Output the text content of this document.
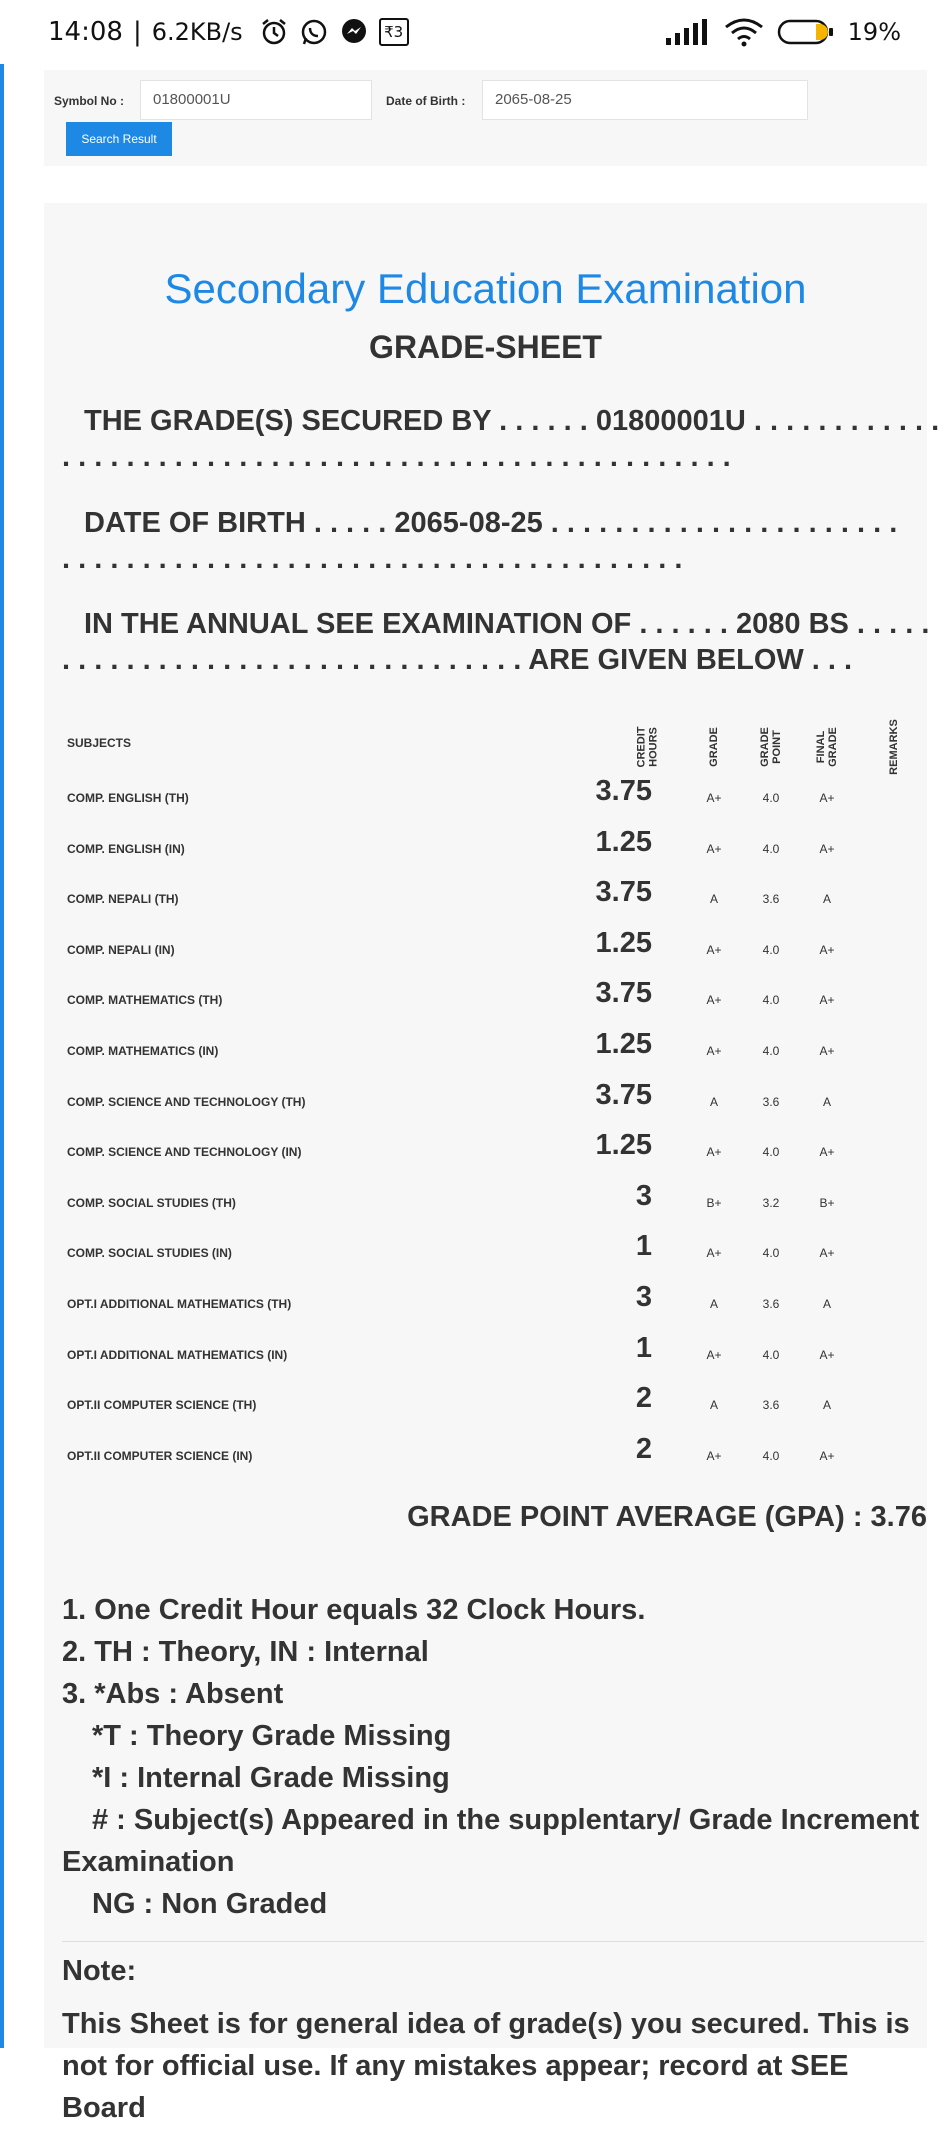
14:08 | 6.2KB/s	₹3	19%
Symbol No :	01800001U	Date of Birth :	2065-08-25
Search Result
Secondary Education Examination
GRADE-SHEET
THE GRADE(S) SECURED BY . . . . . . 01800001U . . . . . . . . . . . .
. . . . . . . . . . . . . . . . . . . . . . . . . . . . . . . . . . . . . . . . . .
DATE OF BIRTH . . . . . 2065-08-25 . . . . . . . . . . . . . . . . . . . . . .
. . . . . . . . . . . . . . . . . . . . . . . . . . . . . . . . . . . . . . .
IN THE ANNUAL SEE EXAMINATION OF . . . . . . 2080 BS . . . . .
. . . . . . . . . . . . . . . . . . . . . . . . . . . . . ARE GIVEN BELOW . . .
SUBJECTS	CREDIT HOURS	GRADE	GRADE POINT	FINAL GRADE	REMARKS
COMP. ENGLISH (TH)	3.75	A+	4.0	A+
COMP. ENGLISH (IN)	1.25	A+	4.0	A+
COMP. NEPALI (TH)	3.75	A	3.6	A
COMP. NEPALI (IN)	1.25	A+	4.0	A+
COMP. MATHEMATICS (TH)	3.75	A+	4.0	A+
COMP. MATHEMATICS (IN)	1.25	A+	4.0	A+
COMP. SCIENCE AND TECHNOLOGY (TH)	3.75	A	3.6	A
COMP. SCIENCE AND TECHNOLOGY (IN)	1.25	A+	4.0	A+
COMP. SOCIAL STUDIES (TH)	3	B+	3.2	B+
COMP. SOCIAL STUDIES (IN)	1	A+	4.0	A+
OPT.I ADDITIONAL MATHEMATICS (TH)	3	A	3.6	A
OPT.I ADDITIONAL MATHEMATICS (IN)	1	A+	4.0	A+
OPT.II COMPUTER SCIENCE (TH)	2	A	3.6	A
OPT.II COMPUTER SCIENCE (IN)	2	A+	4.0	A+
GRADE POINT AVERAGE (GPA) : 3.76
1. One Credit Hour equals 32 Clock Hours.
2. TH : Theory, IN : Internal
3. *Abs : Absent
*T : Theory Grade Missing
*I : Internal Grade Missing
# : Subject(s) Appeared in the supplentary/ Grade Increment
Examination
NG : Non Graded
Note:
This Sheet is for general idea of grade(s) you secured. This is not for official use. If any mistakes appear; record at SEE Board
